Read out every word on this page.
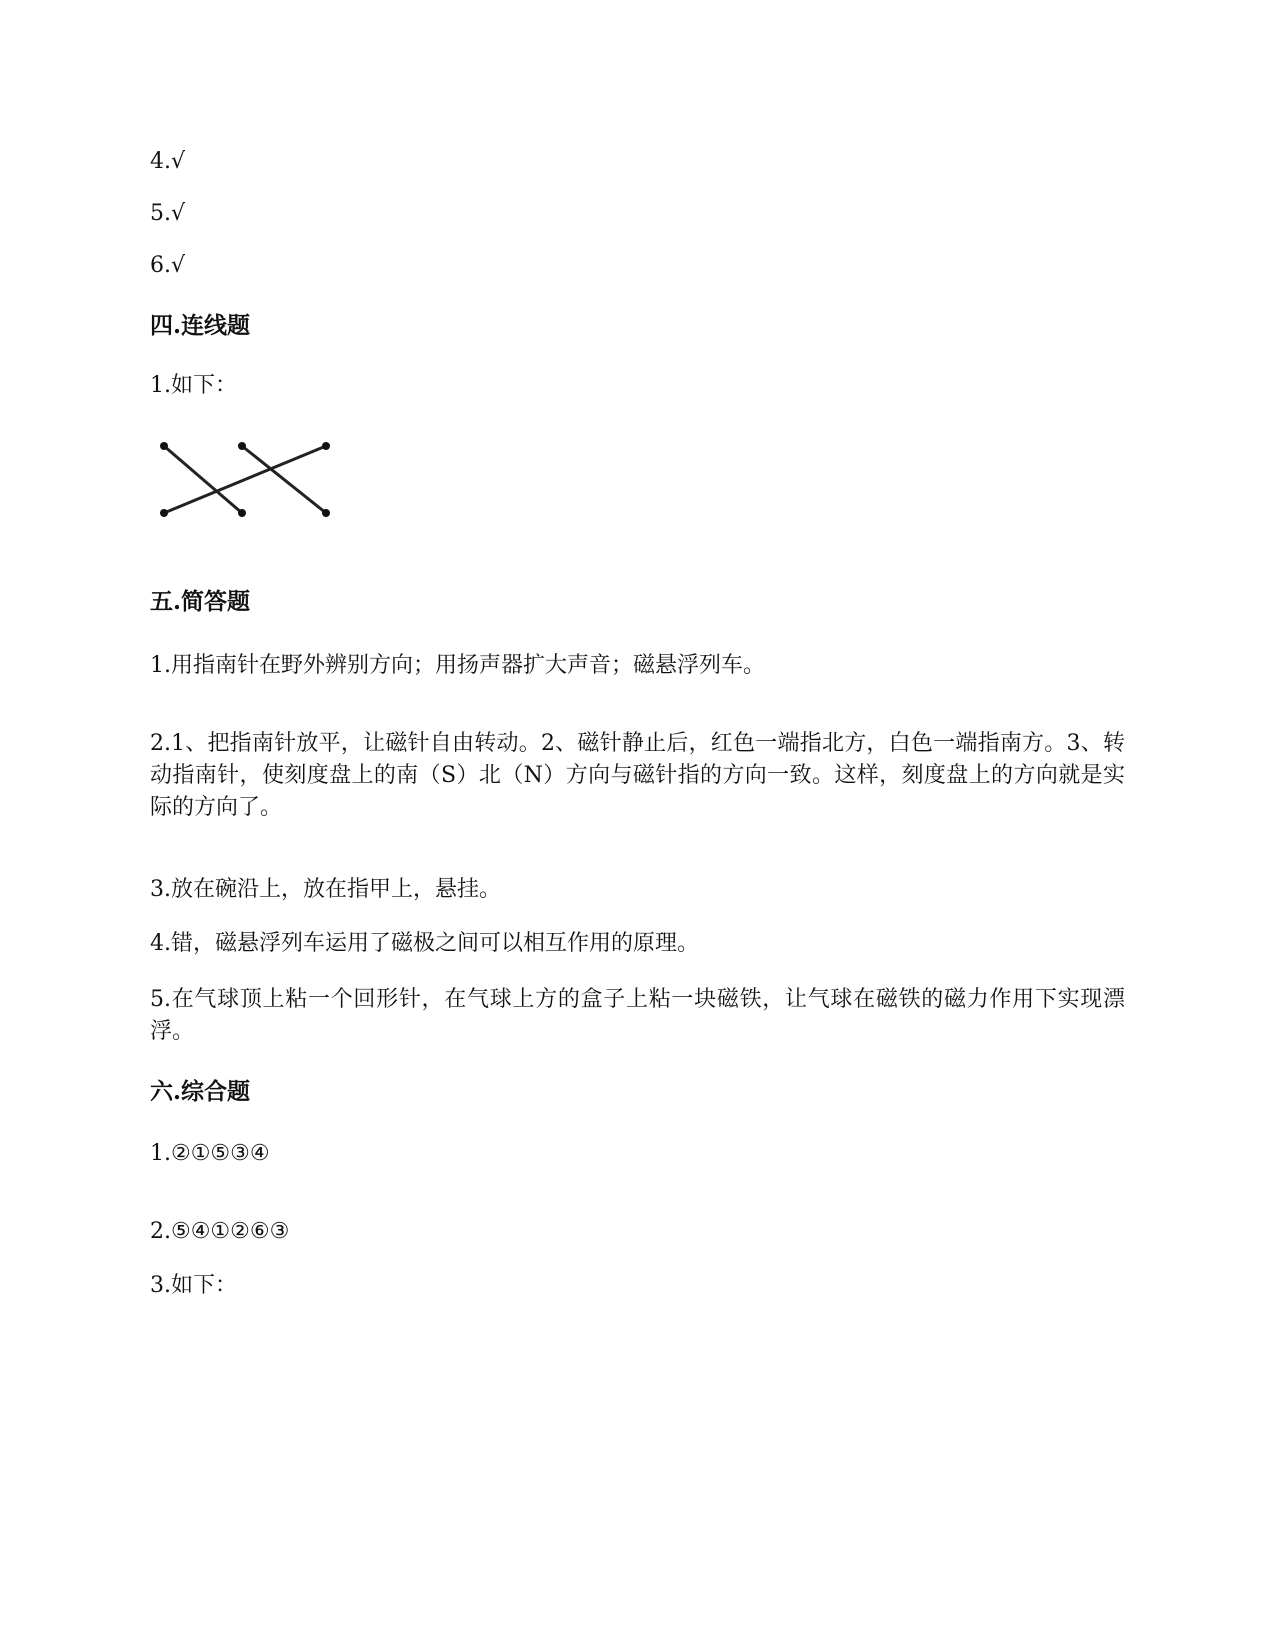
4.√
5.√
6.√
四.连线题
1.如下：
五.简答题
1.用指南针在野外辨别方向；用扬声器扩大声音；磁悬浮列车。
2.1、把指南针放平，让磁针自由转动。2、磁针静止后，红色一端指北方，白色一端指南方。3、转动指南针，使刻度盘上的南（S）北（N）方向与磁针指的方向一致。这样，刻度盘上的方向就是实际的方向了。
3.放在碗沿上，放在指甲上，悬挂。
4.错，磁悬浮列车运用了磁极之间可以相互作用的原理。
5.在气球顶上粘一个回形针，在气球上方的盒子上粘一块磁铁，让气球在磁铁的磁力作用下实现漂浮。
六.综合题
1.②①⑤③④
2.⑤④①②⑥③
3.如下：
